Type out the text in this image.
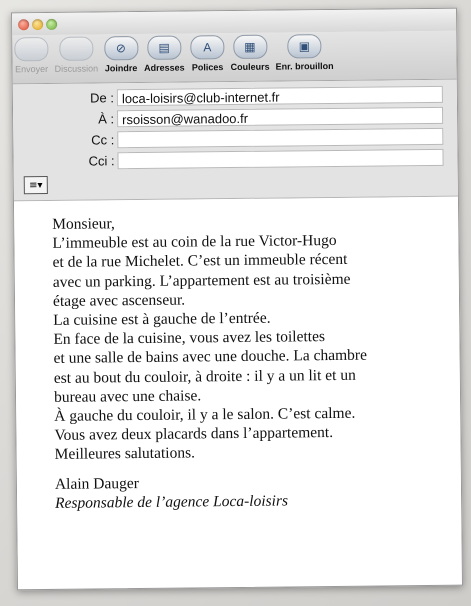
Envoyer Discussion
⊘
Joindre
▤
Adresses
A
Polices
▦
Couleurs
▣
Enr. brouillon
De : loca-loisirs@club-internet.fr
À : rsoisson@wanadoo.fr
Cc :
Cci :
≡▾
Monsieur,
L’immeuble est au coin de la rue Victor-Hugo
et de la rue Michelet. C’est un immeuble récent
avec un parking. L’appartement est au troisième
étage avec ascenseur.
La cuisine est à gauche de l’entrée.
En face de la cuisine, vous avez les toilettes
et une salle de bains avec une douche. La chambre
est au bout du couloir, à droite : il y a un lit et un
bureau avec une chaise.
À gauche du couloir, il y a le salon. C’est calme.
Vous avez deux placards dans l’appartement.
Meilleures salutations.
Alain Dauger
Responsable de l’agence Loca-loisirs
